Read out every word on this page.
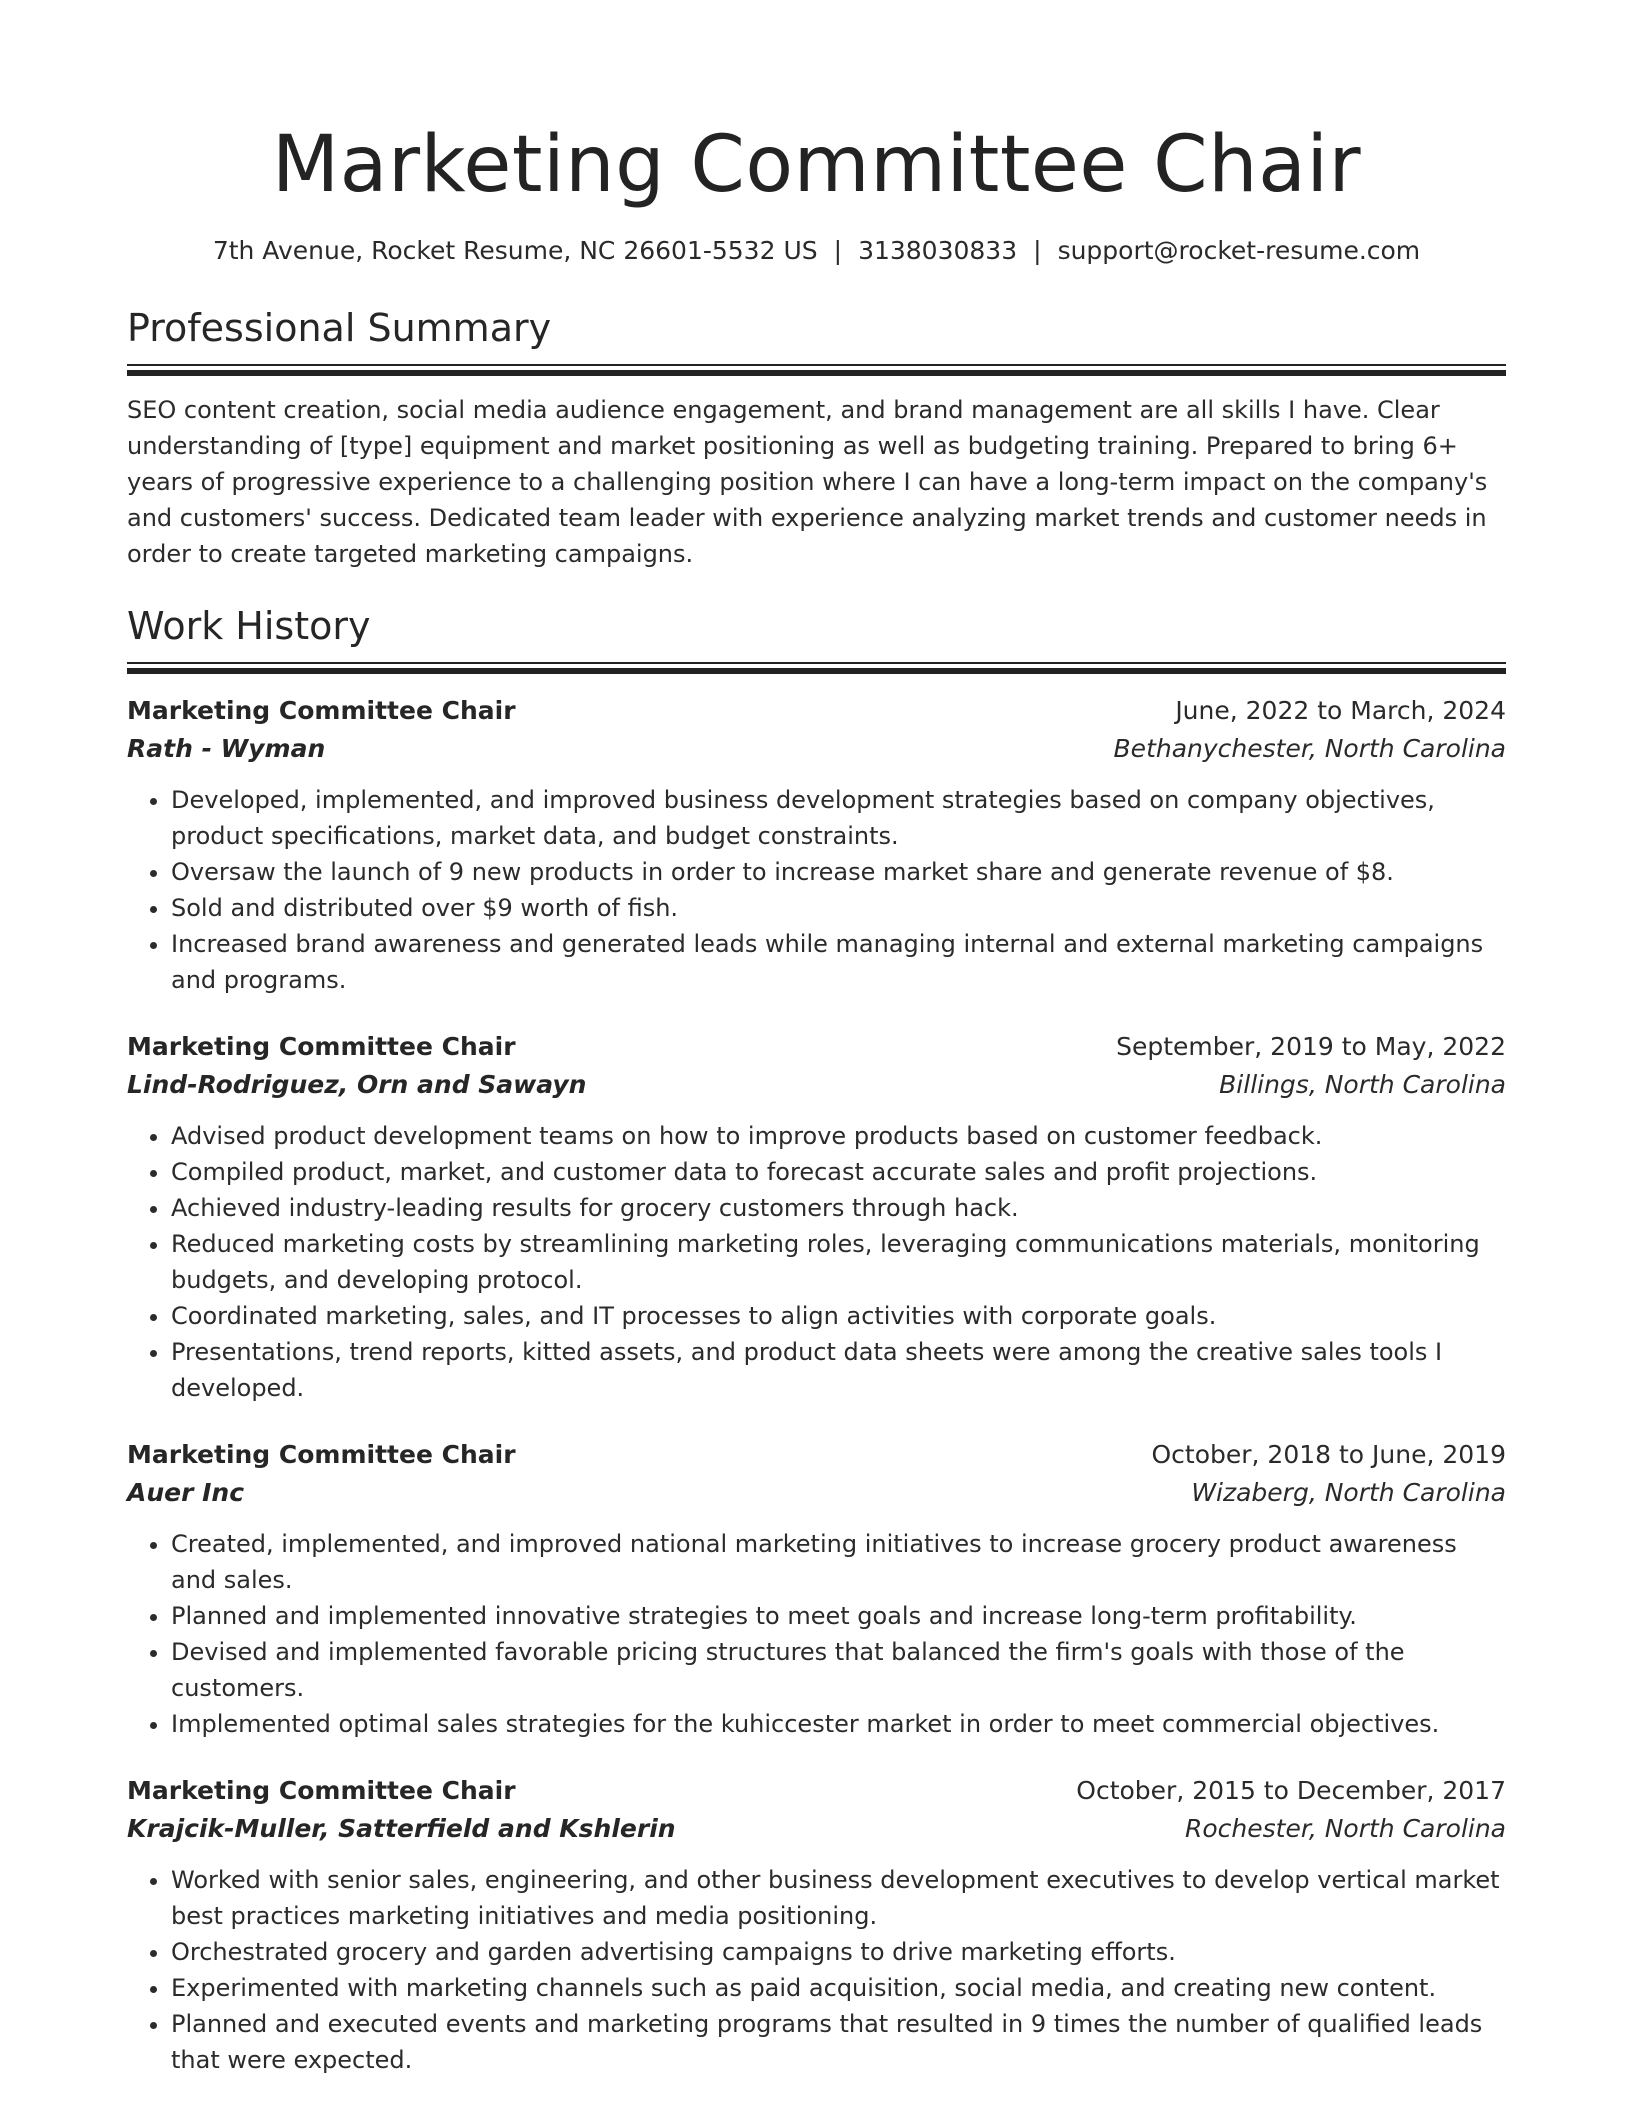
Marketing Committee Chair
7th Avenue, Rocket Resume, NC 26601-5532 US | 3138030833 | support@rocket-resume.com
Professional Summary
SEO content creation, social media audience engagement, and brand management are all skills I have. Clear understanding of [type] equipment and market positioning as well as budgeting training. Prepared to bring 6+ years of progressive experience to a challenging position where I can have a long-term impact on the company's and customers' success. Dedicated team leader with experience analyzing market trends and customer needs in order to create targeted marketing campaigns.
Work History
Marketing Committee Chair	June, 2022 to March, 2024
Rath - Wyman	Bethanychester, North Carolina
• Developed, implemented, and improved business development strategies based on company objectives, product specifications, market data, and budget constraints.
• Oversaw the launch of 9 new products in order to increase market share and generate revenue of $8.
• Sold and distributed over $9 worth of fish.
• Increased brand awareness and generated leads while managing internal and external marketing campaigns and programs.
Marketing Committee Chair	September, 2019 to May, 2022
Lind-Rodriguez, Orn and Sawayn	Billings, North Carolina
• Advised product development teams on how to improve products based on customer feedback.
• Compiled product, market, and customer data to forecast accurate sales and profit projections.
• Achieved industry-leading results for grocery customers through hack.
• Reduced marketing costs by streamlining marketing roles, leveraging communications materials, monitoring budgets, and developing protocol.
• Coordinated marketing, sales, and IT processes to align activities with corporate goals.
• Presentations, trend reports, kitted assets, and product data sheets were among the creative sales tools I developed.
Marketing Committee Chair	October, 2018 to June, 2019
Auer Inc	Wizaberg, North Carolina
• Created, implemented, and improved national marketing initiatives to increase grocery product awareness and sales.
• Planned and implemented innovative strategies to meet goals and increase long-term profitability.
• Devised and implemented favorable pricing structures that balanced the firm's goals with those of the customers.
• Implemented optimal sales strategies for the kuhiccester market in order to meet commercial objectives.
Marketing Committee Chair	October, 2015 to December, 2017
Krajcik-Muller, Satterfield and Kshlerin	Rochester, North Carolina
• Worked with senior sales, engineering, and other business development executives to develop vertical market best practices marketing initiatives and media positioning.
• Orchestrated grocery and garden advertising campaigns to drive marketing efforts.
• Experimented with marketing channels such as paid acquisition, social media, and creating new content.
• Planned and executed events and marketing programs that resulted in 9 times the number of qualified leads that were expected.
